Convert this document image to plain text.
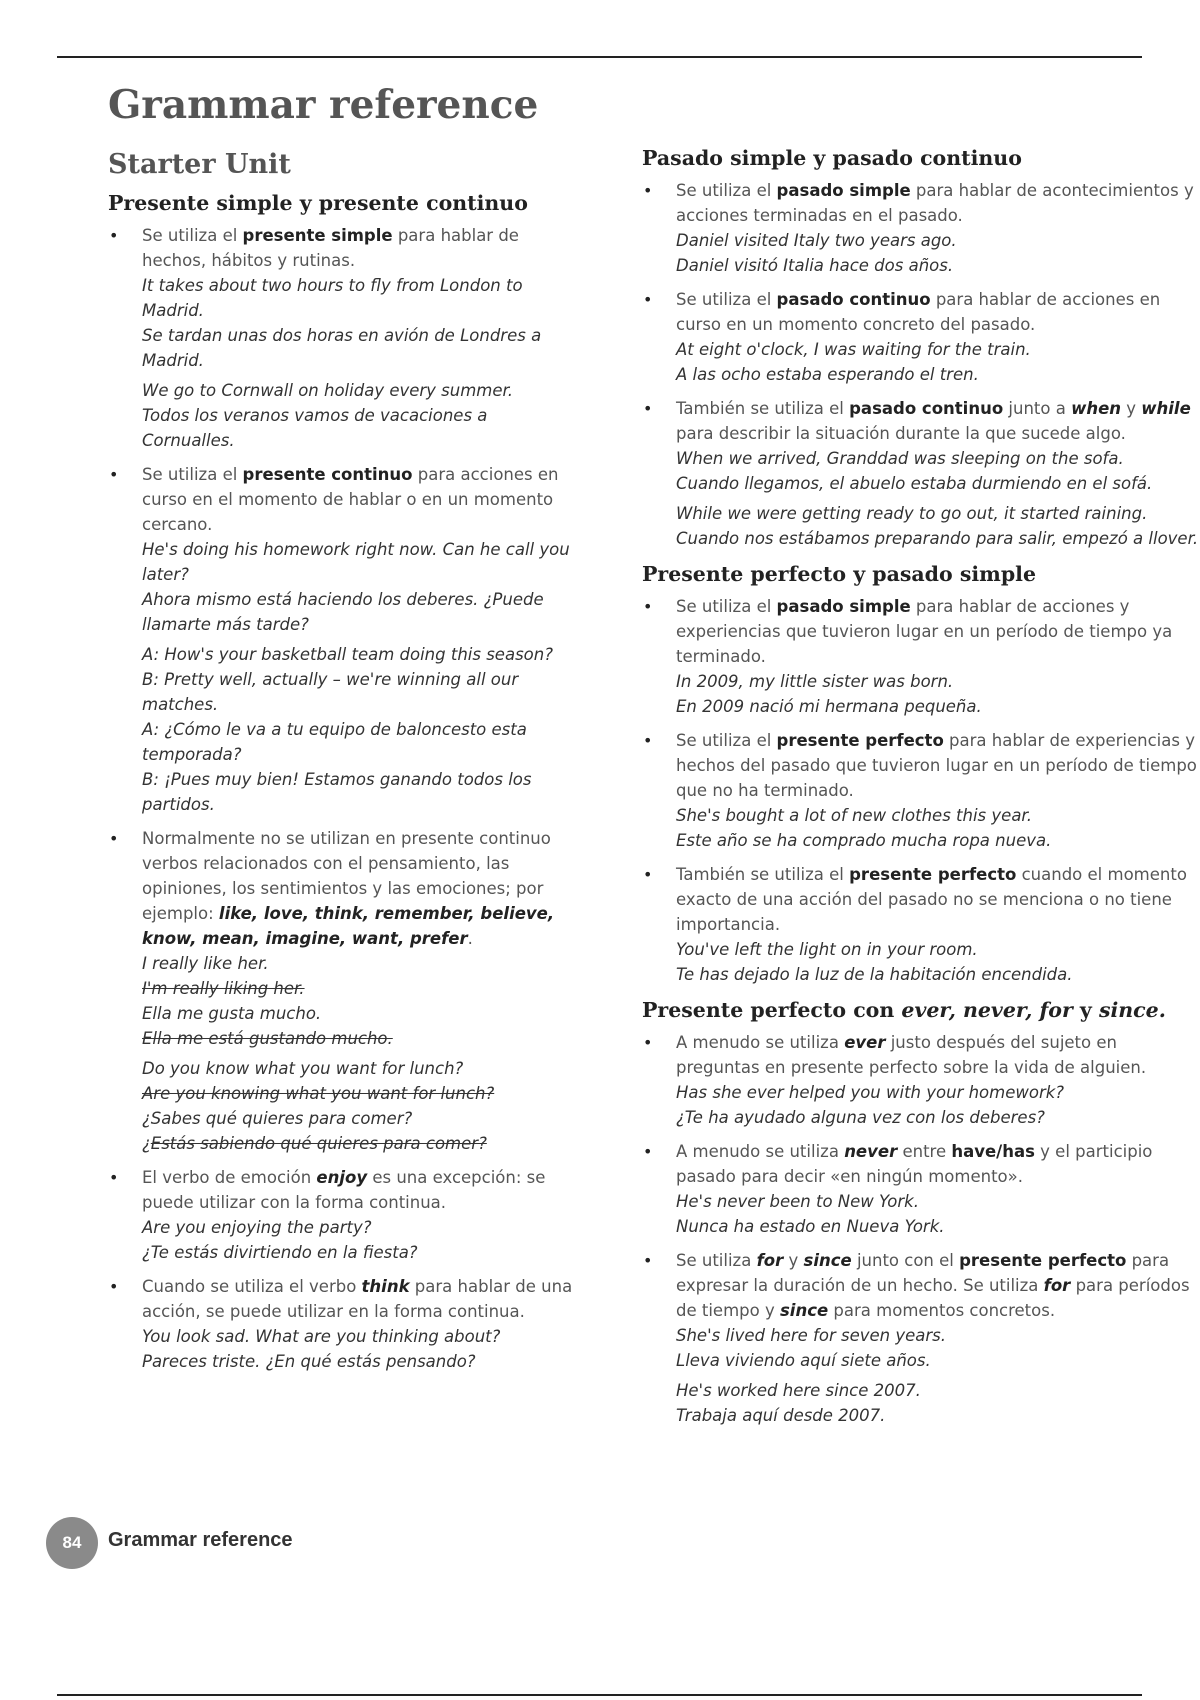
Grammar reference
Starter Unit
Presente simple y presente continuo
• Se utiliza el presente simple para hablar de hechos, hábitos y rutinas.
It takes about two hours to fly from London to Madrid.
Se tardan unas dos horas en avión de Londres a Madrid.
We go to Cornwall on holiday every summer.
Todos los veranos vamos de vacaciones a Cornualles.
• Se utiliza el presente continuo para acciones en curso en el momento de hablar o en un momento cercano.
He's doing his homework right now. Can he call you later?
Ahora mismo está haciendo los deberes. ¿Puede llamarte más tarde?
A: How's your basketball team doing this season?
B: Pretty well, actually – we're winning all our matches.
A: ¿Cómo le va a tu equipo de baloncesto esta temporada?
B: ¡Pues muy bien! Estamos ganando todos los partidos.
• Normalmente no se utilizan en presente continuo verbos relacionados con el pensamiento, las opiniones, los sentimientos y las emociones; por ejemplo: like, love, think, remember, believe, know, mean, imagine, want, prefer.
I really like her.
I'm really liking her.
Ella me gusta mucho.
Ella me está gustando mucho.
Do you know what you want for lunch?
Are you knowing what you want for lunch?
¿Sabes qué quieres para comer?
¿Estás sabiendo qué quieres para comer?
• El verbo de emoción enjoy es una excepción: se puede utilizar con la forma continua.
Are you enjoying the party?
¿Te estás divirtiendo en la fiesta?
• Cuando se utiliza el verbo think para hablar de una acción, se puede utilizar en la forma continua.
You look sad. What are you thinking about?
Pareces triste. ¿En qué estás pensando?
Pasado simple y pasado continuo
• Se utiliza el pasado simple para hablar de acontecimientos y acciones terminadas en el pasado.
Daniel visited Italy two years ago.
Daniel visitó Italia hace dos años.
• Se utiliza el pasado continuo para hablar de acciones en curso en un momento concreto del pasado.
At eight o'clock, I was waiting for the train.
A las ocho estaba esperando el tren.
• También se utiliza el pasado continuo junto a when y while para describir la situación durante la que sucede algo.
When we arrived, Granddad was sleeping on the sofa.
Cuando llegamos, el abuelo estaba durmiendo en el sofá.
While we were getting ready to go out, it started raining.
Cuando nos estábamos preparando para salir, empezó a llover.
Presente perfecto y pasado simple
• Se utiliza el pasado simple para hablar de acciones y experiencias que tuvieron lugar en un período de tiempo ya terminado.
In 2009, my little sister was born.
En 2009 nació mi hermana pequeña.
• Se utiliza el presente perfecto para hablar de experiencias y hechos del pasado que tuvieron lugar en un período de tiempo que no ha terminado.
She's bought a lot of new clothes this year.
Este año se ha comprado mucha ropa nueva.
• También se utiliza el presente perfecto cuando el momento exacto de una acción del pasado no se menciona o no tiene importancia.
You've left the light on in your room.
Te has dejado la luz de la habitación encendida.
Presente perfecto con ever, never, for y since.
• A menudo se utiliza ever justo después del sujeto en preguntas en presente perfecto sobre la vida de alguien.
Has she ever helped you with your homework?
¿Te ha ayudado alguna vez con los deberes?
• A menudo se utiliza never entre have/has y el participio pasado para decir «en ningún momento».
He's never been to New York.
Nunca ha estado en Nueva York.
• Se utiliza for y since junto con el presente perfecto para expresar la duración de un hecho. Se utiliza for para períodos de tiempo y since para momentos concretos.
She's lived here for seven years.
Lleva viviendo aquí siete años.
He's worked here since 2007.
Trabaja aquí desde 2007.
84	Grammar reference
